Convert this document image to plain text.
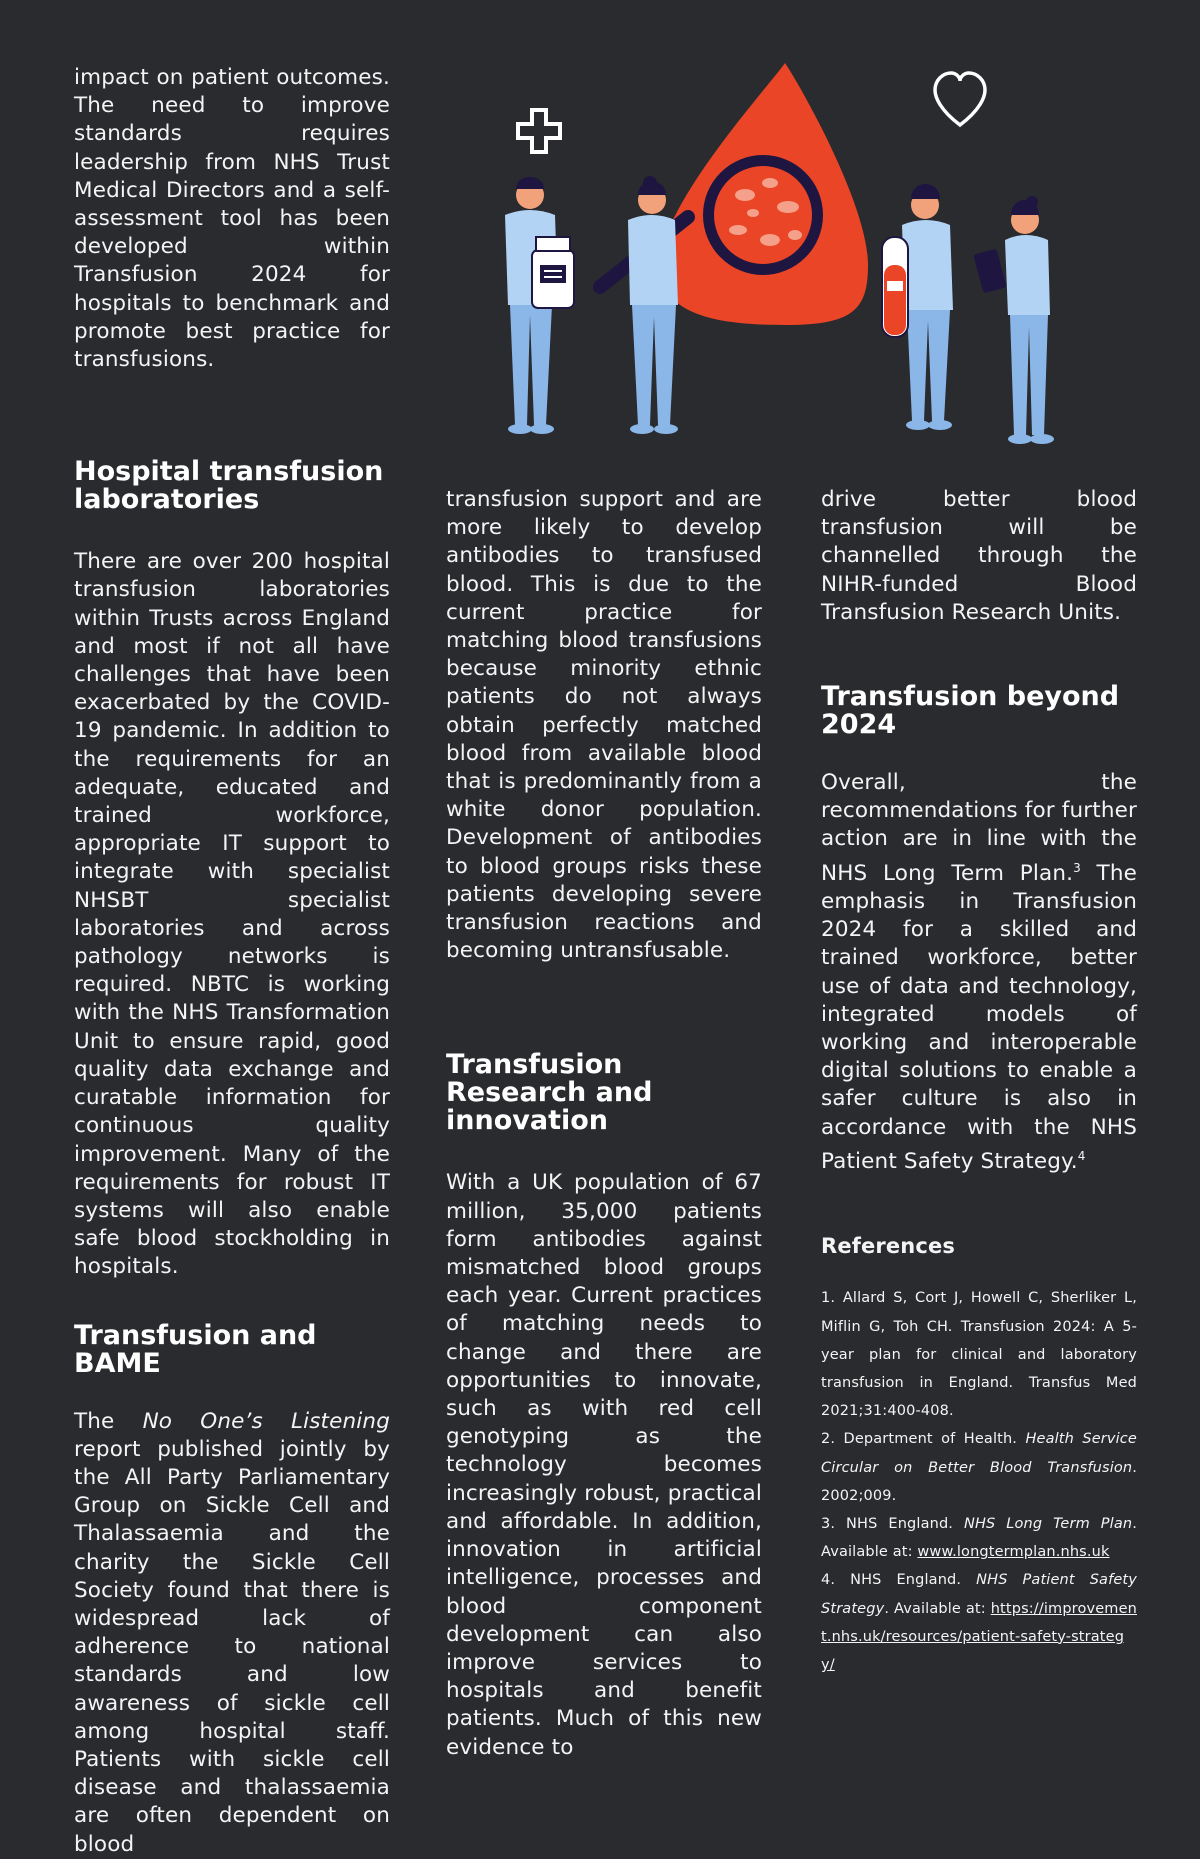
impact on patient outcomes. The need to improve standards requires leadership from NHS Trust Medical Directors and a self-assessment tool has been developed within Transfusion 2024 for hospitals to benchmark and promote best practice for transfusions.

Hospital transfusion laboratories

There are over 200 hospital transfusion laboratories within Trusts across England and most if not all have challenges that have been exacerbated by the COVID-19 pandemic. In addition to the requirements for an adequate, educated and trained workforce, appropriate IT support to integrate with specialist NHSBT specialist laboratories and across pathology networks is required. NBTC is working with the NHS Transformation Unit to ensure rapid, good quality data exchange and curatable information for continuous quality improvement. Many of the requirements for robust IT systems will also enable safe blood stockholding in hospitals.

Transfusion and BAME

The No One’s Listening report published jointly by the All Party Parliamentary Group on Sickle Cell and Thalassaemia and the charity the Sickle Cell Society found that there is widespread lack of adherence to national standards and low awareness of sickle cell among hospital staff. Patients with sickle cell disease and thalassaemia are often dependent on blood

transfusion support and are more likely to develop antibodies to transfused blood. This is due to the current practice for matching blood transfusions because minority ethnic patients do not always obtain perfectly matched blood from available blood that is predominantly from a white donor population. Development of antibodies to blood groups risks these patients developing severe transfusion reactions and becoming untransfusable.

Transfusion Research and innovation

With a UK population of 67 million, 35,000 patients form antibodies against mismatched blood groups each year. Current practices of matching needs to change and there are opportunities to innovate, such as with red cell genotyping as the technology becomes increasingly robust, practical and affordable. In addition, innovation in artificial intelligence, processes and blood component development can also improve services to hospitals and benefit patients. Much of this new evidence to

drive better blood transfusion will be channelled through the NIHR-funded Blood Transfusion Research Units.

Transfusion beyond 2024

Overall, the recommendations for further action are in line with the NHS Long Term Plan.$^3$ The emphasis in Transfusion 2024 for a skilled and trained workforce, better use of data and technology, integrated models of working and interoperable digital solutions to enable a safer culture is also in accordance with the NHS Patient Safety Strategy.$^4$

References

1. Allard S, Cort J, Howell C, Sherliker L, Miflin G, Toh CH. Transfusion 2024: A 5-year plan for clinical and laboratory transfusion in England. Transfus Med 2021;31:400-408.

2. Department of Health. Health Service Circular on Better Blood Transfusion. 2002;009.

3. NHS England. NHS Long Term Plan. Available at: www.longtermplan.nhs.uk

4. NHS England. NHS Patient Safety Strategy. Available at: https://improvement.nhs.uk/resources/patient-safety-strategy/
